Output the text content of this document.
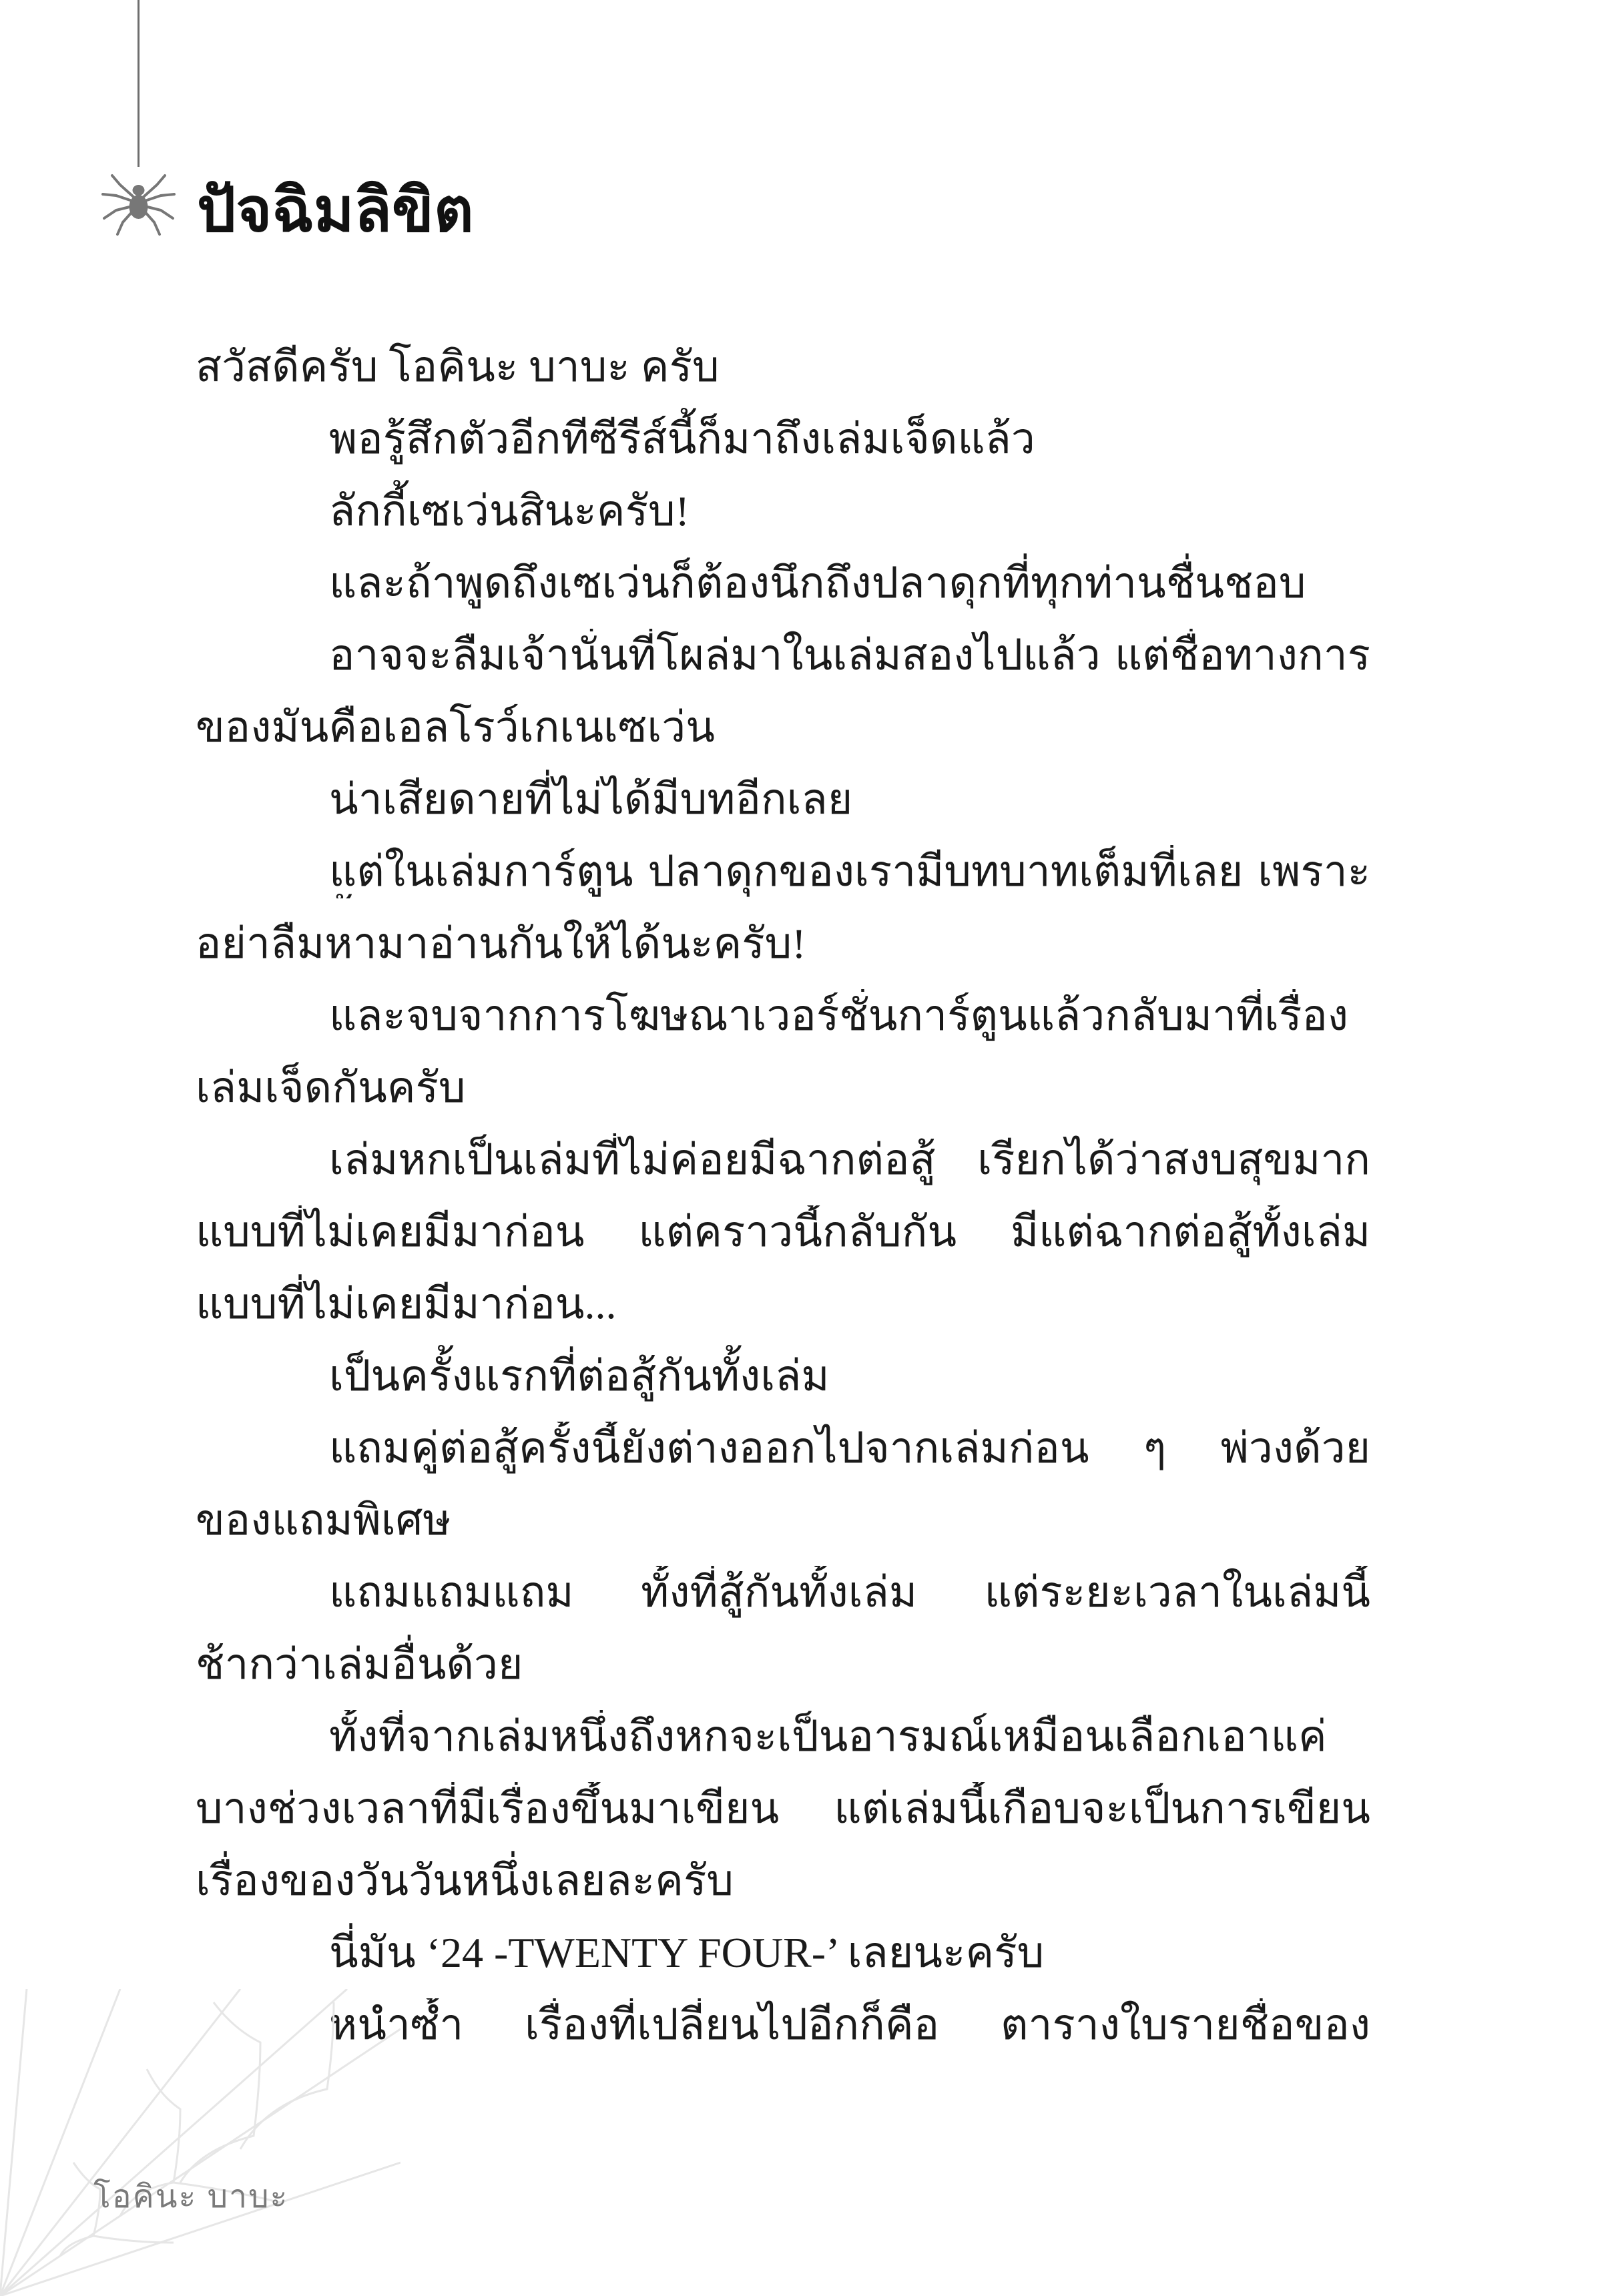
ปัจฉิมลิขิต
สวัสดีครับ โอคินะ บาบะ ครับ
พอรู้สึกตัวอีกทีซีรีส์นี้ก็มาถึงเล่มเจ็ดแล้ว
ลักกี้เซเว่นสินะครับ!
และถ้าพูดถึงเซเว่นก็ต้องนึกถึงปลาดุกที่ทุกท่านชื่นชอบ
อาจจะลืมเจ้านั่นที่โผล่มาในเล่มสองไปแล้ว แต่ชื่อทางการ
ของมันคือเอลโรว์เกเนเซเว่น
น่าเสียดายที่ไม่ได้มีบทอีกเลย
แต่ในเล่มการ์ตูน ปลาดุกของเรามีบทบาทเต็มที่เลย เพราะ
อย่าลืมหามาอ่านกันให้ได้นะครับ!
และจบจากการโฆษณาเวอร์ชั่นการ์ตูนแล้วกลับมาที่เรื่อง
เล่มเจ็ดกันครับ
เล่มหกเป็นเล่มที่ไม่ค่อยมีฉากต่อสู้ เรียกได้ว่าสงบสุขมาก
แบบที่ไม่เคยมีมาก่อน แต่คราวนี้กลับกัน มีแต่ฉากต่อสู้ทั้งเล่ม
แบบที่ไม่เคยมีมาก่อน...
เป็นครั้งแรกที่ต่อสู้กันทั้งเล่ม
แถมคู่ต่อสู้ครั้งนี้ยังต่างออกไปจากเล่มก่อน ๆ พ่วงด้วย
ของแถมพิเศษ
แถมแถมแถม ทั้งที่สู้กันทั้งเล่ม แต่ระยะเวลาในเล่มนี้
ช้ากว่าเล่มอื่นด้วย
ทั้งที่จากเล่มหนึ่งถึงหกจะเป็นอารมณ์เหมือนเลือกเอาแค่
บางช่วงเวลาที่มีเรื่องขึ้นมาเขียน แต่เล่มนี้เกือบจะเป็นการเขียน
เรื่องของวันวันหนึ่งเลยละครับ
นี่มัน ‘24 -TWENTY FOUR-’ เลยนะครับ
หนำซ้ำ เรื่องที่เปลี่ยนไปอีกก็คือ ตารางใบรายชื่อของ
โอคินะ บาบะ
